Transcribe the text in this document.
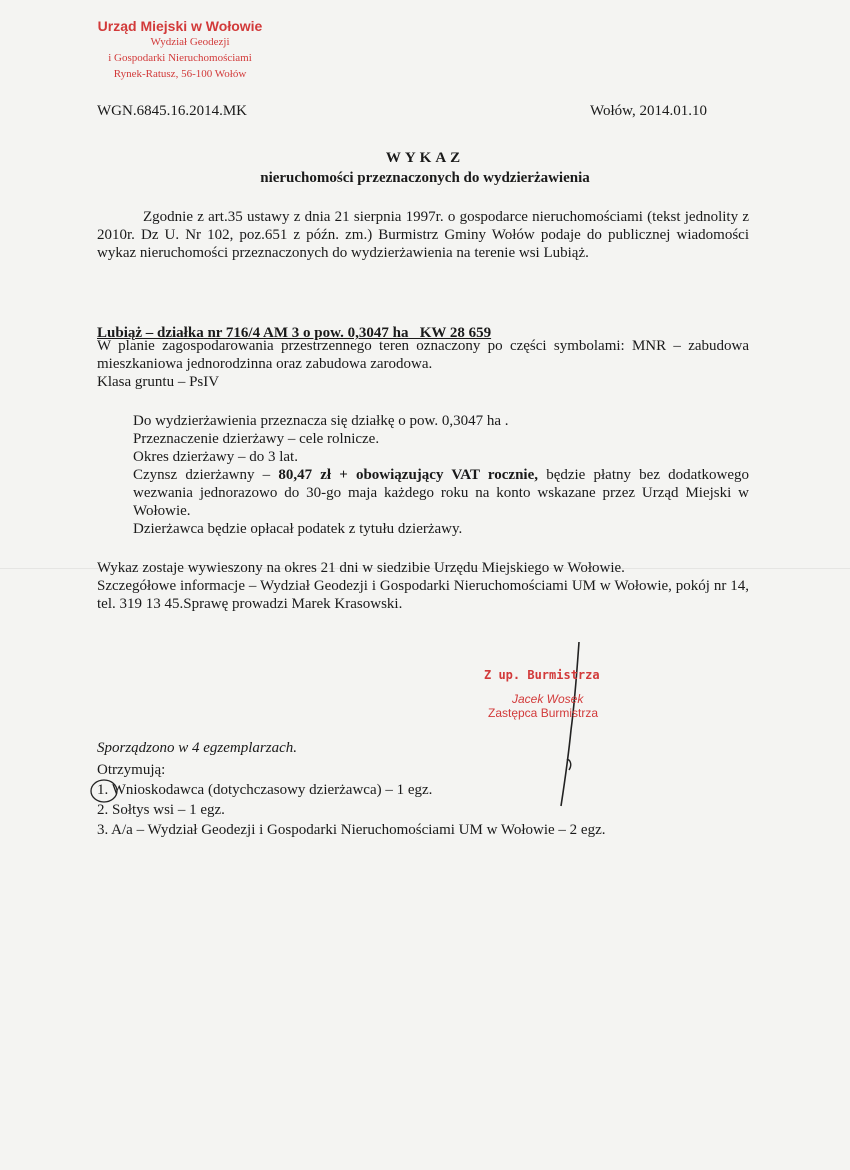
Urząd Miejski w Wołowie
Wydział Geodezji
i Gospodarki Nieruchomościami
Rynek-Ratusz, 56-100 Wołów
WGN.6845.16.2014.MK	Wołów, 2014.01.10
WYKAZ
nieruchomości przeznaczonych do wydzierżawienia
Zgodnie z art.35 ustawy z dnia 21 sierpnia 1997r. o gospodarce nieruchomościami (tekst jednolity z 2010r. Dz U. Nr 102, poz.651 z późn. zm.) Burmistrz Gminy Wołów podaje do publicznej wiadomości wykaz nieruchomości przeznaczonych do wydzierżawienia na terenie wsi Lubiąż.
Lubiąż – działka nr 716/4 AM 3 o pow. 0,3047 ha   KW 28 659
W planie zagospodarowania przestrzennego teren oznaczony po części symbolami: MNR – zabudowa mieszkaniowa jednorodzinna oraz zabudowa zarodowa.
Klasa gruntu – PsIV
Do wydzierżawienia przeznacza się działkę o pow. 0,3047 ha .
Przeznaczenie dzierżawy – cele rolnicze.
Okres dzierżawy – do 3 lat.
Czynsz dzierżawny – 80,47 zł + obowiązujący VAT rocznie, będzie płatny bez dodatkowego wezwania jednorazowo do 30-go maja każdego roku na konto wskazane przez Urząd Miejski w Wołowie.
Dzierżawca będzie opłacał podatek z tytułu dzierżawy.
Wykaz zostaje wywieszony na okres 21 dni w siedzibie Urzędu Miejskiego w Wołowie.
Szczegółowe informacje – Wydział Geodezji i Gospodarki Nieruchomościami UM w Wołowie, pokój nr 14, tel. 319 13 45.Sprawę prowadzi Marek Krasowski.
Z up. Burmistrza
Jacek Wosek
Zastępca Burmistrza
Sporządzono w 4 egzemplarzach.
Otrzymują:
1. Wnioskodawca (dotychczasowy dzierżawca) – 1 egz.
2. Sołtys wsi – 1 egz.
3. A/a – Wydział Geodezji i Gospodarki Nieruchomościami UM w Wołowie – 2 egz.
